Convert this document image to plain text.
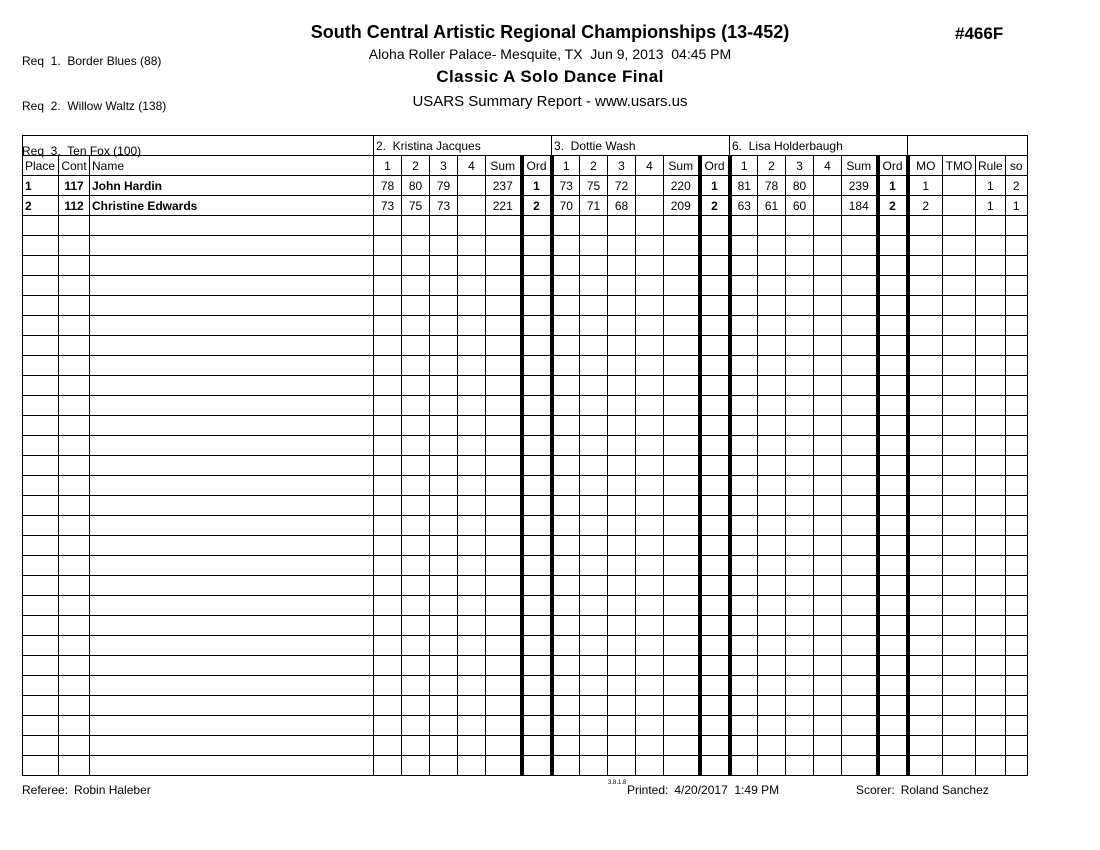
Req  1.  Border Blues (88)

Req  2.  Willow Waltz (138)

Req  3.  Ten Fox (100)

South Central Artistic Regional Championships (13-452)
Aloha Roller Palace- Mesquite, TX  Jun 9, 2013  04:45 PM
Classic A Solo Dance Final
USARS Summary Report - www.usars.us
#466F
			2.  Kristina Jacques						3.  Dottie Wash						6.  Lisa Holderbaugh									
Place	Cont	Name	1	2	3	4	Sum	Ord	1	2	3	4	Sum	Ord	1	2	3	4	Sum	Ord	MO	TMO	Rule	so
1	117	John Hardin	78	80	79		237	1	73	75	72		220	1	81	78	80		239	1	1		1	2
2	112	Christine Edwards	73	75	73		221	2	70	71	68		209	2	63	61	60		184	2	2		1	1

Referee: Robin Haleber	3.8.1.8 Printed: 4/20/2017  1:49 PM	Scorer: Roland Sanchez
